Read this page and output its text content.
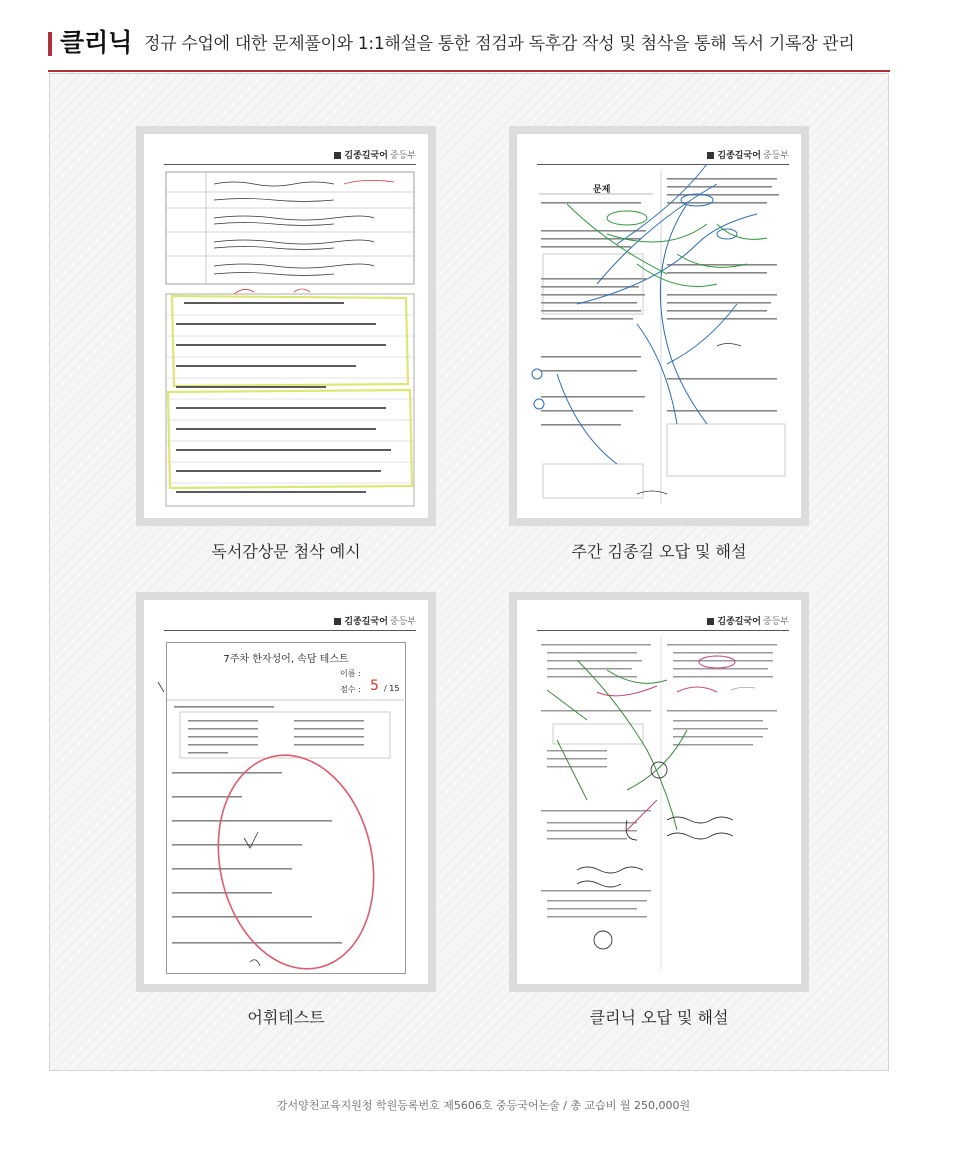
클리닉 정규 수업에 대한 문제풀이와 1:1해설을 통한 점검과 독후감 작성 및 첨삭을 통해 독서 기록장 관리
김종길국어 중등부
독서감상문 첨삭 예시
김종길국어 중등부
문제
주간 김종길 오답 및 해설
김종길국어 중등부
7주차 한자성어, 속담 테스트
이름 :
점수 : 5 / 15
어휘테스트
김종길국어 중등부
클리닉 오답 및 해설
강서양천교육지원청 학원등록번호 제5606호 중등국어논술 / 총 교습비 월 250,000원
